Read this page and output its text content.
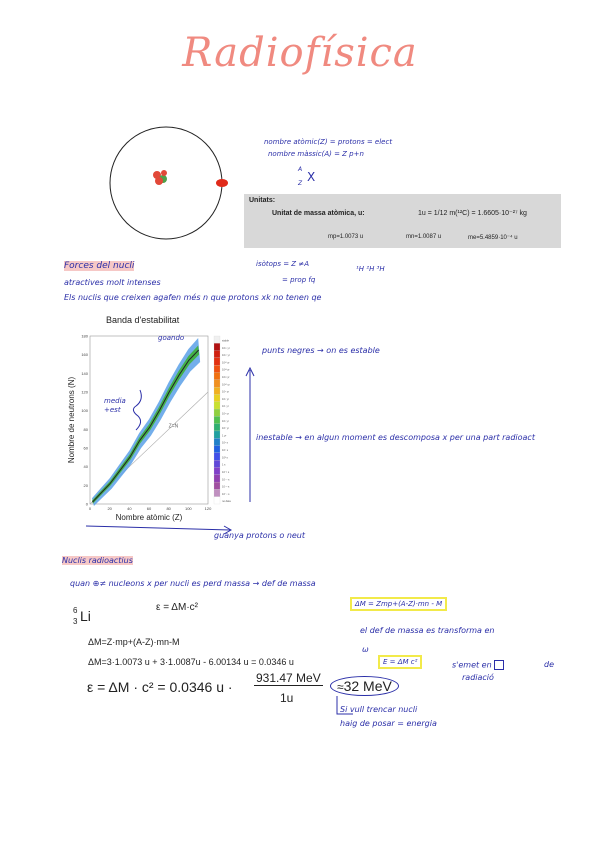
Radiofísica
nombre atòmic(Z) = protons = elect
nombre màssic(A) = Z p+n
A
Z X
Unitats:
Unitat de massa atòmica, u:	1u = 1/12 m(¹²C) = 1.6605·10⁻²⁷ kg
mp=1.0073 u	mn=1.0087 u	me=5.4859·10⁻⁴ u
isòtops = Z ≠A
= prop fq
¹H ²H ³H
Forces del nucli
atractives molt intenses
Els nuclis que creixen agafen més n que protons xk no tenen qe
Banda d'estabilitat
Z=N
0	20	40	60	80	100	120
0
20
40
60
80
100
120
140
160
180
Nombre atòmic (Z)
Nombre de neutrons (N)
stable
10¹⁵ yr
10¹⁴ yr
10¹³ yr
10¹² yr
10¹¹ yr
10¹⁰ yr
10⁹ yr
10⁸ yr
10⁷ yr
10⁶ yr
10⁵ yr
10⁴ yr
1 yr
10⁶ s
10⁴ s
10² s
1 s
10⁻² s
10⁻⁴ s
10⁻⁶ s
10⁻⁸ s
no data
goando
media +est
punts negres → on es estable
inestable → en algun moment es descomposa x per una part radioact
guanya protons o neut
Nuclis radioactius
quan ⊕≠ nucleons x per nucli es perd massa → def de massa
ΔM = Zmp+(A-Z)·mn - M
el def de massa es transforma en
ω
E = ΔM c²	s'emet en	de
radiació
6
3 Li
ε = ΔM·c²
ΔM=Z·mp+(A-Z)·mn-M
ΔM=3·1.0073 u + 3·1.0087u - 6.00134 u = 0.0346 u
ε = ΔM · c² = 0.0346 u ·
931.47 MeV
1u
≈32 MeV
Si vull trencar nucli
haig de posar = energia
